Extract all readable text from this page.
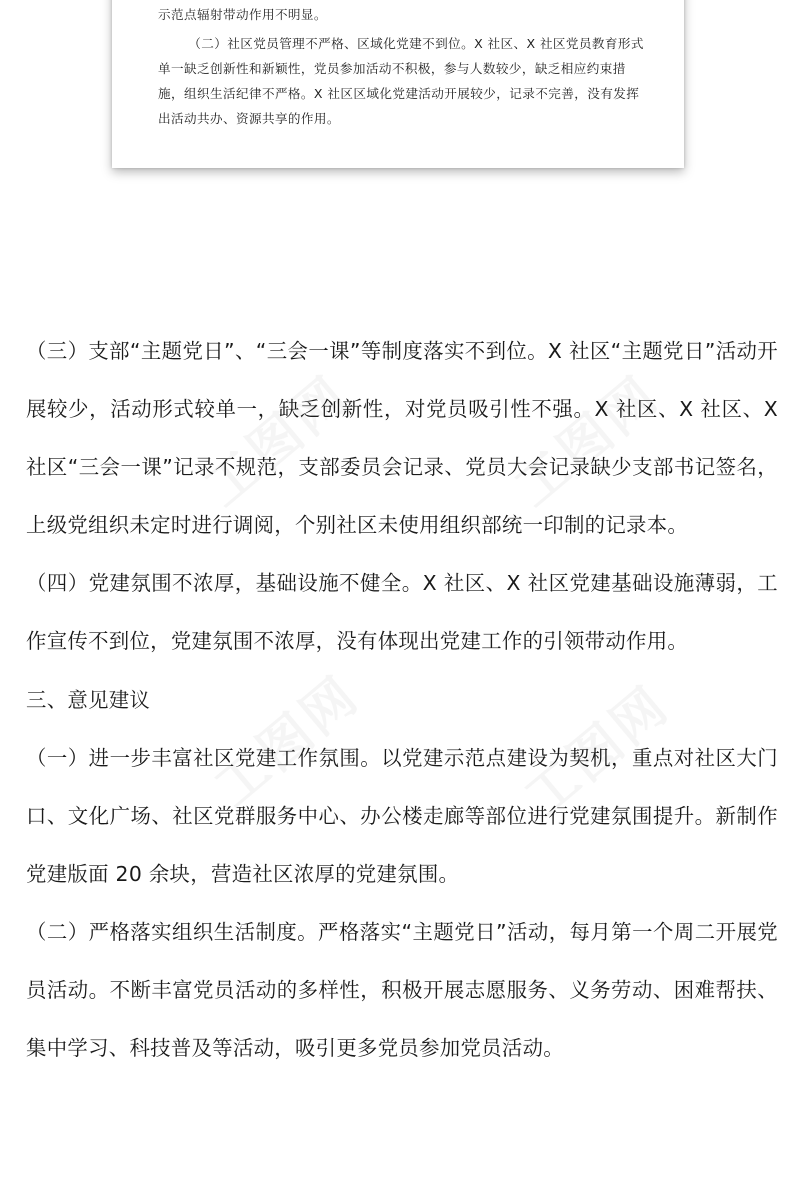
示范点辐射带动作用不明显。

（二）社区党员管理不严格、区域化党建不到位。X 社区、X 社区党员教育形式单一缺乏创新性和新颖性，党员参加活动不积极，参与人数较少，缺乏相应约束措施，组织生活纪律不严格。X 社区区域化党建活动开展较少，记录不完善，没有发挥出活动共办、资源共享的作用。

工图网	工图网
工图网	工图网

（三）支部“主题党日”、“三会一课”等制度落实不到位。X 社区“主题党日”活动开展较少，活动形式较单一，缺乏创新性，对党员吸引性不强。X 社区、X 社区、X 社区“三会一课”记录不规范，支部委员会记录、党员大会记录缺少支部书记签名，上级党组织未定时进行调阅，个别社区未使用组织部统一印制的记录本。

（四）党建氛围不浓厚，基础设施不健全。X 社区、X 社区党建基础设施薄弱，工作宣传不到位，党建氛围不浓厚，没有体现出党建工作的引领带动作用。

三、意见建议

（一）进一步丰富社区党建工作氛围。以党建示范点建设为契机，重点对社区大门口、文化广场、社区党群服务中心、办公楼走廊等部位进行党建氛围提升。新制作党建版面 20 余块，营造社区浓厚的党建氛围。

（二）严格落实组织生活制度。严格落实“主题党日”活动，每月第一个周二开展党员活动。不断丰富党员活动的多样性，积极开展志愿服务、义务劳动、困难帮扶、集中学习、科技普及等活动，吸引更多党员参加党员活动。
